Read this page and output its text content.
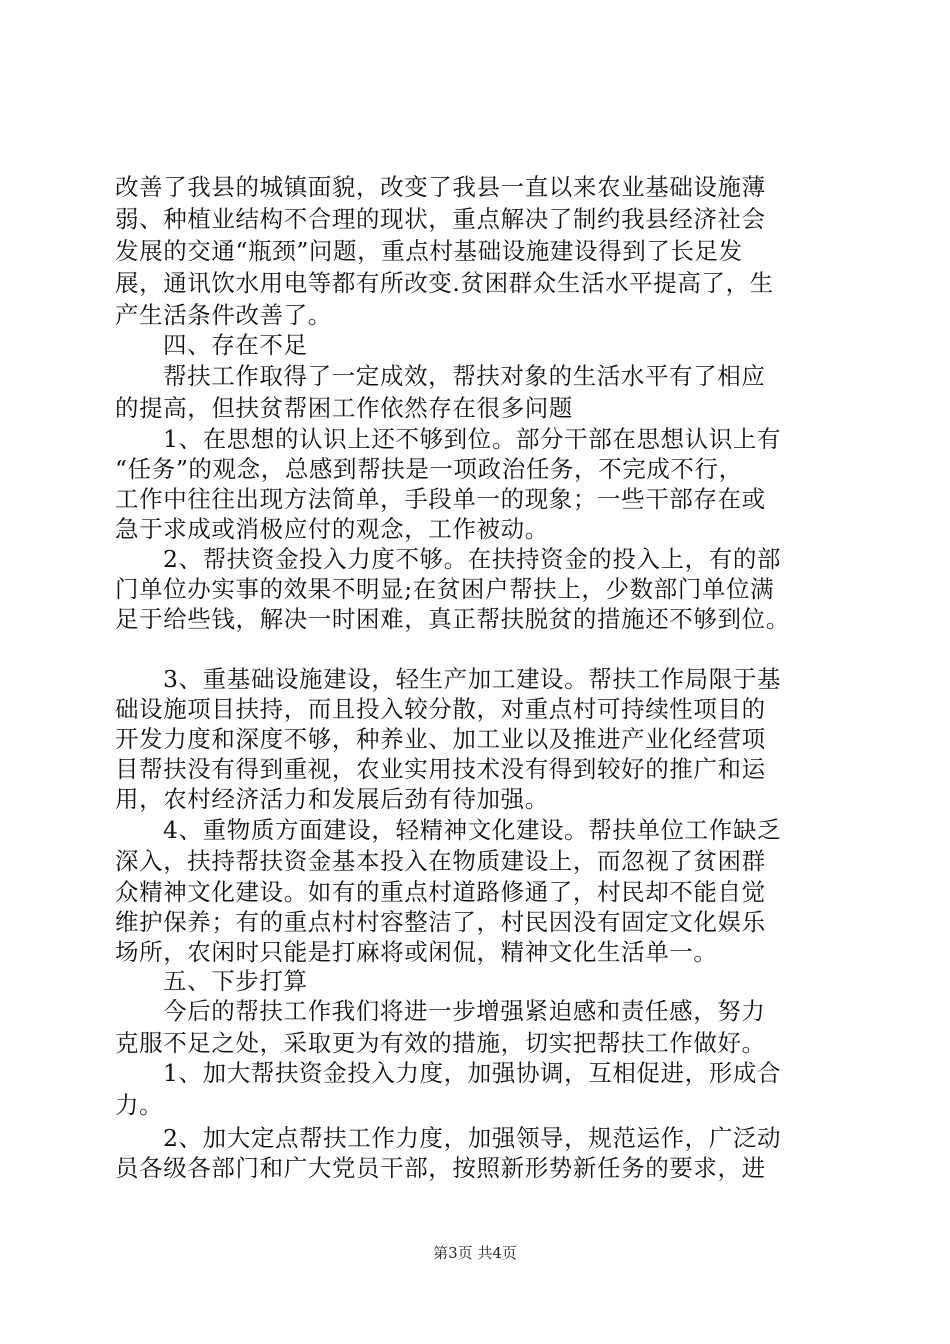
改善了我县的城镇面貌，改变了我县一直以来农业基础设施薄
弱、种植业结构不合理的现状，重点解决了制约我县经济社会
发展的交通“瓶颈”问题，重点村基础设施建设得到了长足发
展，通讯饮水用电等都有所改变.贫困群众生活水平提高了，生
产生活条件改善了。
四、存在不足
帮扶工作取得了一定成效，帮扶对象的生活水平有了相应
的提高，但扶贫帮困工作依然存在很多问题
1、在思想的认识上还不够到位。部分干部在思想认识上有
“任务”的观念，总感到帮扶是一项政治任务，不完成不行，
工作中往往出现方法简单，手段单一的现象；一些干部存在或
急于求成或消极应付的观念，工作被动。
2、帮扶资金投入力度不够。在扶持资金的投入上，有的部
门单位办实事的效果不明显;在贫困户帮扶上，少数部门单位满
足于给些钱，解决一时困难，真正帮扶脱贫的措施还不够到位。
3、重基础设施建设，轻生产加工建设。帮扶工作局限于基
础设施项目扶持，而且投入较分散，对重点村可持续性项目的
开发力度和深度不够，种养业、加工业以及推进产业化经营项
目帮扶没有得到重视，农业实用技术没有得到较好的推广和运
用，农村经济活力和发展后劲有待加强。
4、重物质方面建设，轻精神文化建设。帮扶单位工作缺乏
深入，扶持帮扶资金基本投入在物质建设上，而忽视了贫困群
众精神文化建设。如有的重点村道路修通了，村民却不能自觉
维护保养；有的重点村村容整洁了，村民因没有固定文化娱乐
场所，农闲时只能是打麻将或闲侃，精神文化生活单一。
五、下步打算
今后的帮扶工作我们将进一步增强紧迫感和责任感，努力
克服不足之处，采取更为有效的措施，切实把帮扶工作做好。
1、加大帮扶资金投入力度，加强协调，互相促进，形成合
力。
2、加大定点帮扶工作力度，加强领导，规范运作，广泛动
员各级各部门和广大党员干部，按照新形势新任务的要求，进
第3页 共4页
